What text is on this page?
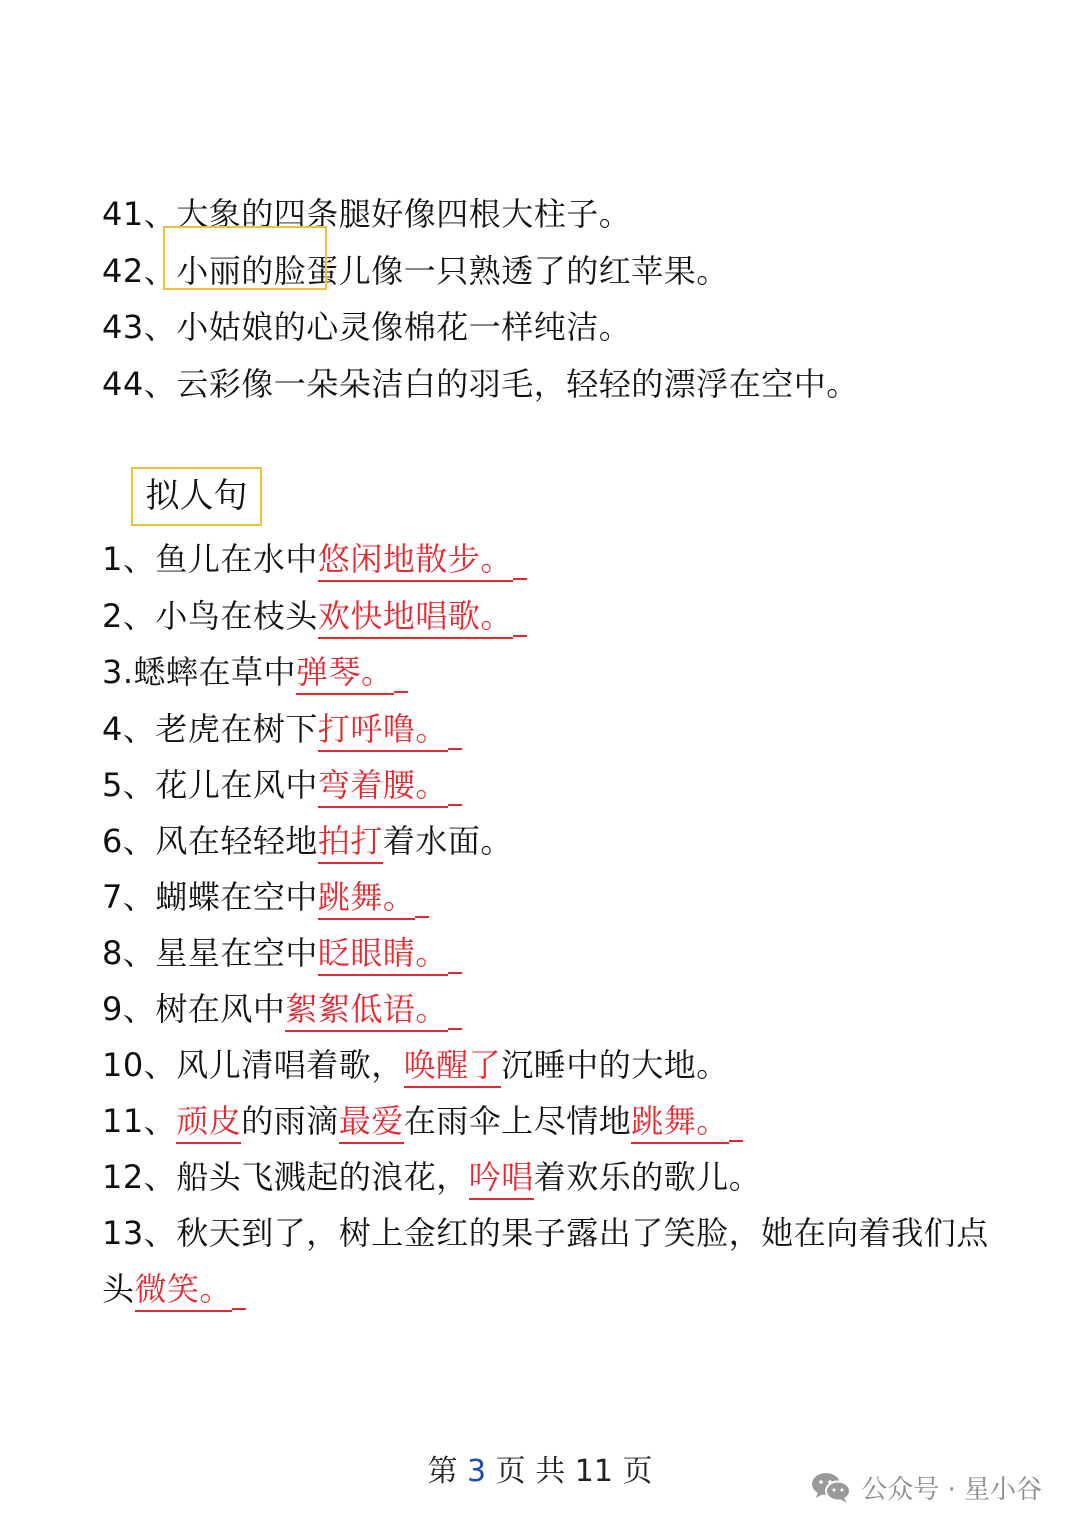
41、大象的四条腿好像四根大柱子。
42、小丽的脸蛋儿像一只熟透了的红苹果。
43、小姑娘的心灵像棉花一样纯洁。
44、云彩像一朵朵洁白的羽毛，轻轻的漂浮在空中。
拟人句
1、鱼儿在水中悠闲地散步。
2、小鸟在枝头欢快地唱歌。
3.蟋蟀在草中弹琴。
4、老虎在树下打呼噜。
5、花儿在风中弯着腰。
6、风在轻轻地拍打着水面。
7、蝴蝶在空中跳舞。
8、星星在空中眨眼睛。
9、树在风中絮絮低语。
10、风儿清唱着歌，唤醒了沉睡中的大地。
11、顽皮的雨滴最爱在雨伞上尽情地跳舞。
12、船头飞溅起的浪花，吟唱着欢乐的歌儿。
13、秋天到了，树上金红的果子露出了笑脸，她在向着我们点
头微笑。
第 3 页 共 11 页
公众号 · 星小谷
